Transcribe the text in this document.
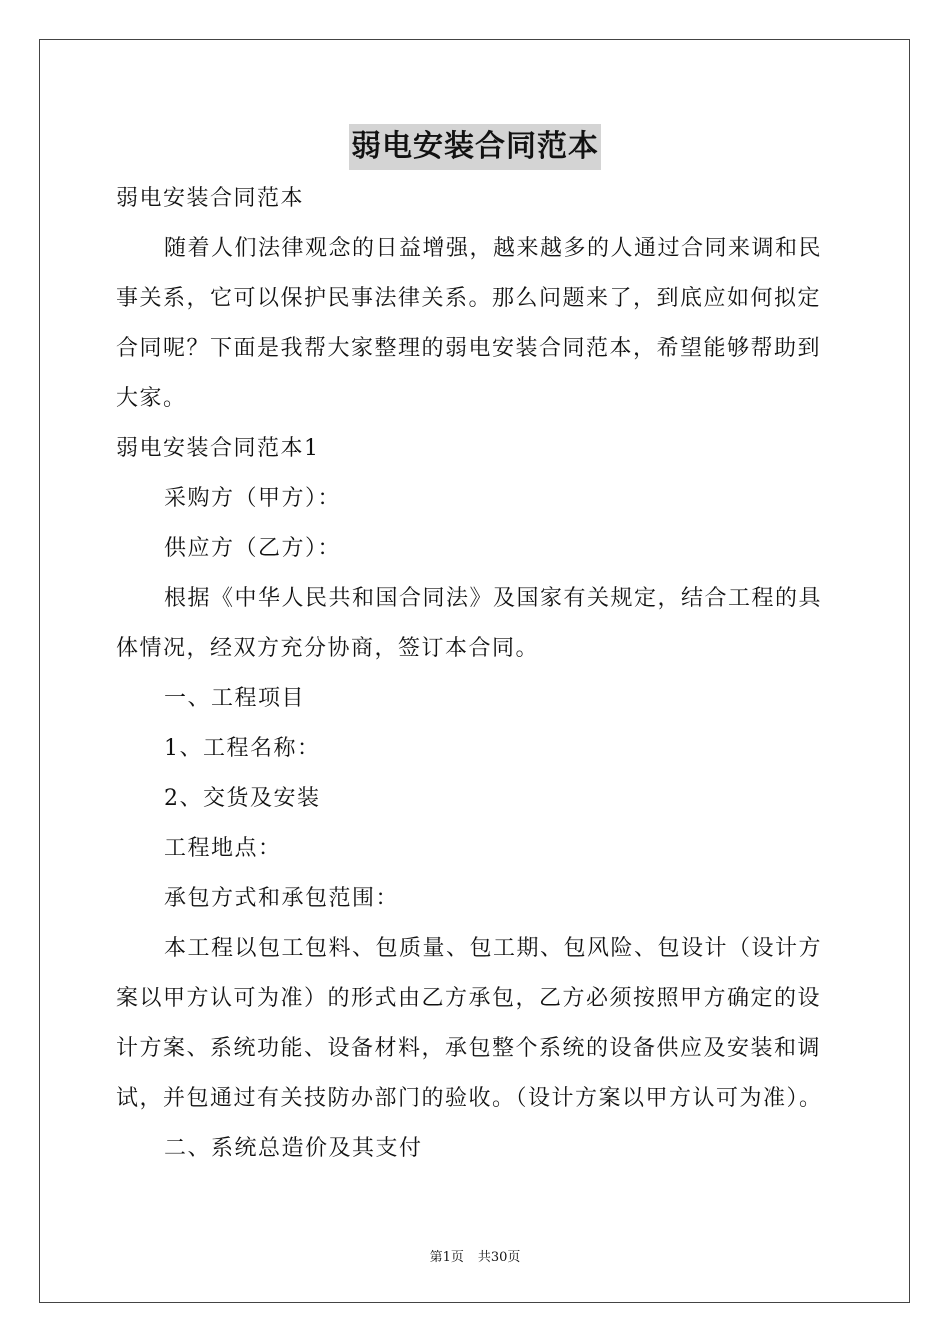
弱电安装合同范本

弱电安装合同范本

随着人们法律观念的日益增强，越来越多的人通过合同来调和民事关系，它可以保护民事法律关系。那么问题来了，到底应如何拟定合同呢？下面是我帮大家整理的弱电安装合同范本，希望能够帮助到大家。

弱电安装合同范本1

采购方（甲方）：

供应方（乙方）：

根据《中华人民共和国合同法》及国家有关规定，结合工程的具体情况，经双方充分协商，签订本合同。

一、工程项目

1、工程名称：

2、交货及安装

工程地点：

承包方式和承包范围：

本工程以包工包料、包质量、包工期、包风险、包设计（设计方案以甲方认可为准）的形式由乙方承包，乙方必须按照甲方确定的设计方案、系统功能、设备材料，承包整个系统的设备供应及安装和调试，并包通过有关技防办部门的验收。（设计方案以甲方认可为准）。

二、系统总造价及其支付

第1页 共30页
